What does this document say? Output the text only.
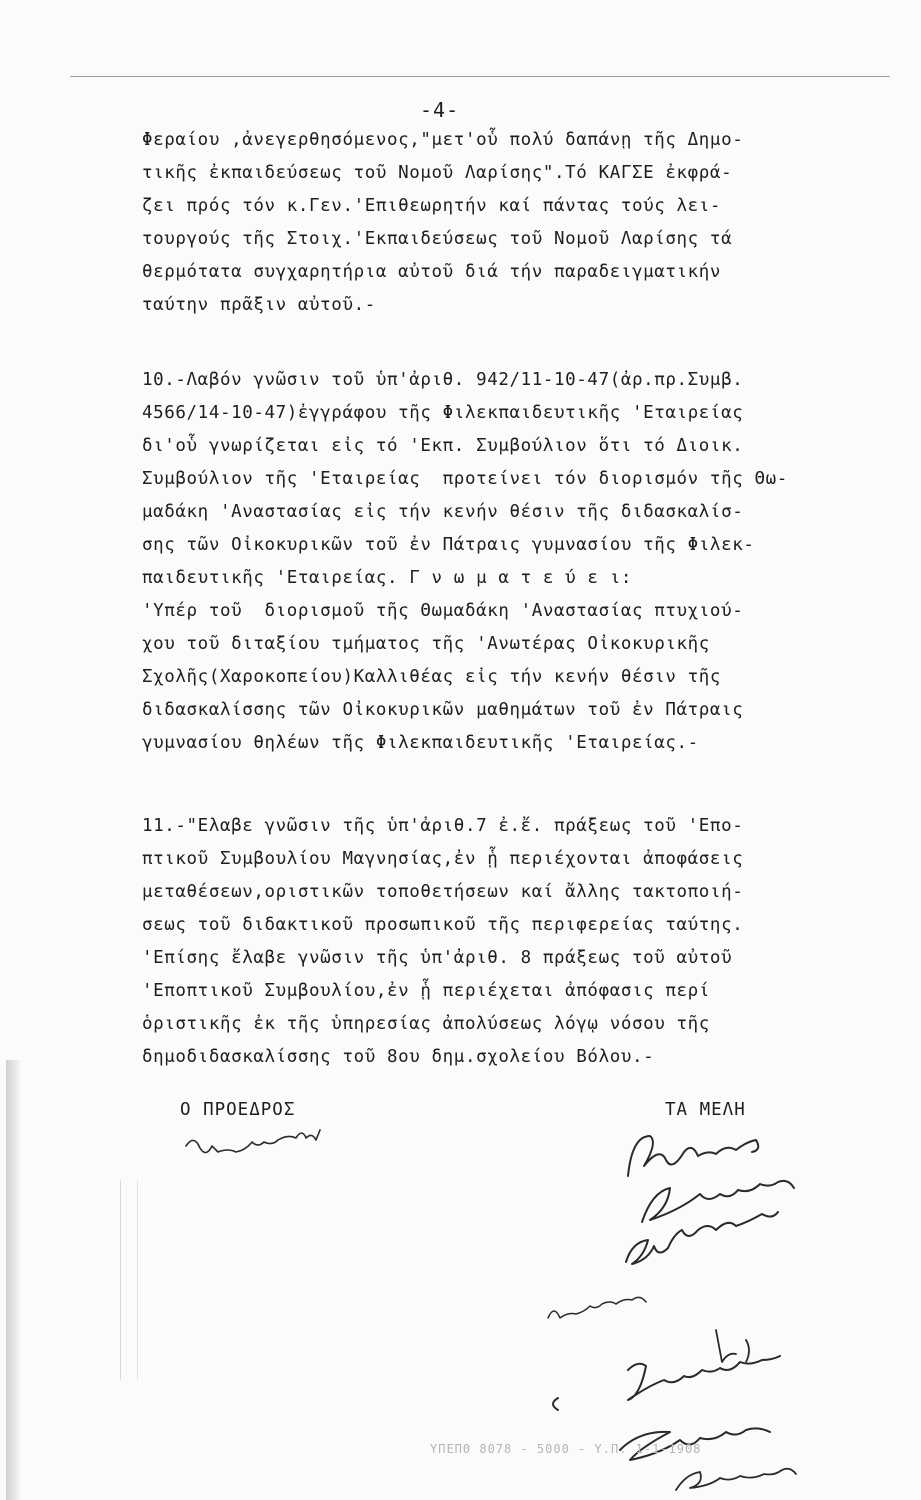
-4-
Φεραίου ,ἀνεγερθησόμενος,"μετ'οὗ πολύ δαπάνῃ τῆς Δημο-
τικῆς ἐκπαιδεύσεως τοῦ Νομοῦ Λαρίσης".Τό ΚΑΓΣΕ ἐκφρά-
ζει πρός τόν κ.Γεν.'Επιθεωρητήν καί πάντας τούς λει-
τουργούς τῆς Στοιχ.'Εκπαιδεύσεως τοῦ Νομοῦ Λαρίσης τά
θερμότατα συγχαρητήρια αὐτοῦ διά τήν παραδειγματικήν
ταύτην πρᾶξιν αὐτοῦ.-
10.-Λαβόν γνῶσιν τοῦ ὑπ'ἀριθ. 942/11-10-47(ἀρ.πρ.Συμβ.
4566/14-10-47)ἐγγράφου τῆς Φιλεκπαιδευτικῆς 'Εταιρείας
δι'οὗ γνωρίζεται εἰς τό 'Εκπ. Συμβούλιον ὅτι τό Διοικ.
Συμβούλιον τῆς 'Εταιρείας  προτείνει τόν διορισμόν τῆς Θω-
μαδάκη 'Αναστασίας εἰς τήν κενήν θέσιν τῆς διδασκαλίσ-
σης τῶν Οἰκοκυρικῶν τοῦ ἐν Πάτραις γυμνασίου τῆς Φιλεκ-
παιδευτικῆς 'Εταιρείας. Γ ν ω μ α τ ε ύ ε ι:
'Υπέρ τοῦ  διορισμοῦ τῆς Θωμαδάκη 'Αναστασίας πτυχιού-
χου τοῦ διταξίου τμήματος τῆς 'Ανωτέρας Οἰκοκυρικῆς
Σχολῆς(Χαροκοπείου)Καλλιθέας εἰς τήν κενήν θέσιν τῆς
διδασκαλίσσης τῶν Οἰκοκυρικῶν μαθημάτων τοῦ ἐν Πάτραις
γυμνασίου θηλέων τῆς Φιλεκπαιδευτικῆς 'Εταιρείας.-
11.-"Ελαβε γνῶσιν τῆς ὑπ'ἀριθ.7 ἐ.ἔ. πράξεως τοῦ 'Επο-
πτικοῦ Συμβουλίου Μαγνησίας,ἐν ᾗ περιέχονται ἀποφάσεις
μεταθέσεων,οριστικῶν τοποθετήσεων καί ἄλλης τακτοποιή-
σεως τοῦ διδακτικοῦ προσωπικοῦ τῆς περιφερείας ταύτης.
'Επίσης ἔλαβε γνῶσιν τῆς ὑπ'ἀριθ. 8 πράξεως τοῦ αὐτοῦ
'Εποπτικοῦ Συμβουλίου,ἐν ᾗ περιέχεται ἀπόφασις περί
ὁριστικῆς ἐκ τῆς ὑπηρεσίας ἀπολύσεως λόγῳ νόσου τῆς
δημοδιδασκαλίσσης τοῦ 8ου δημ.σχολείου Βόλου.-
Ο ΠΡΟΕΔΡΟΣ	ΤΑ ΜΕΛΗ
ΥΠΕΠΘ 8078 - 5000 - Υ.Π. 1-1-1908
